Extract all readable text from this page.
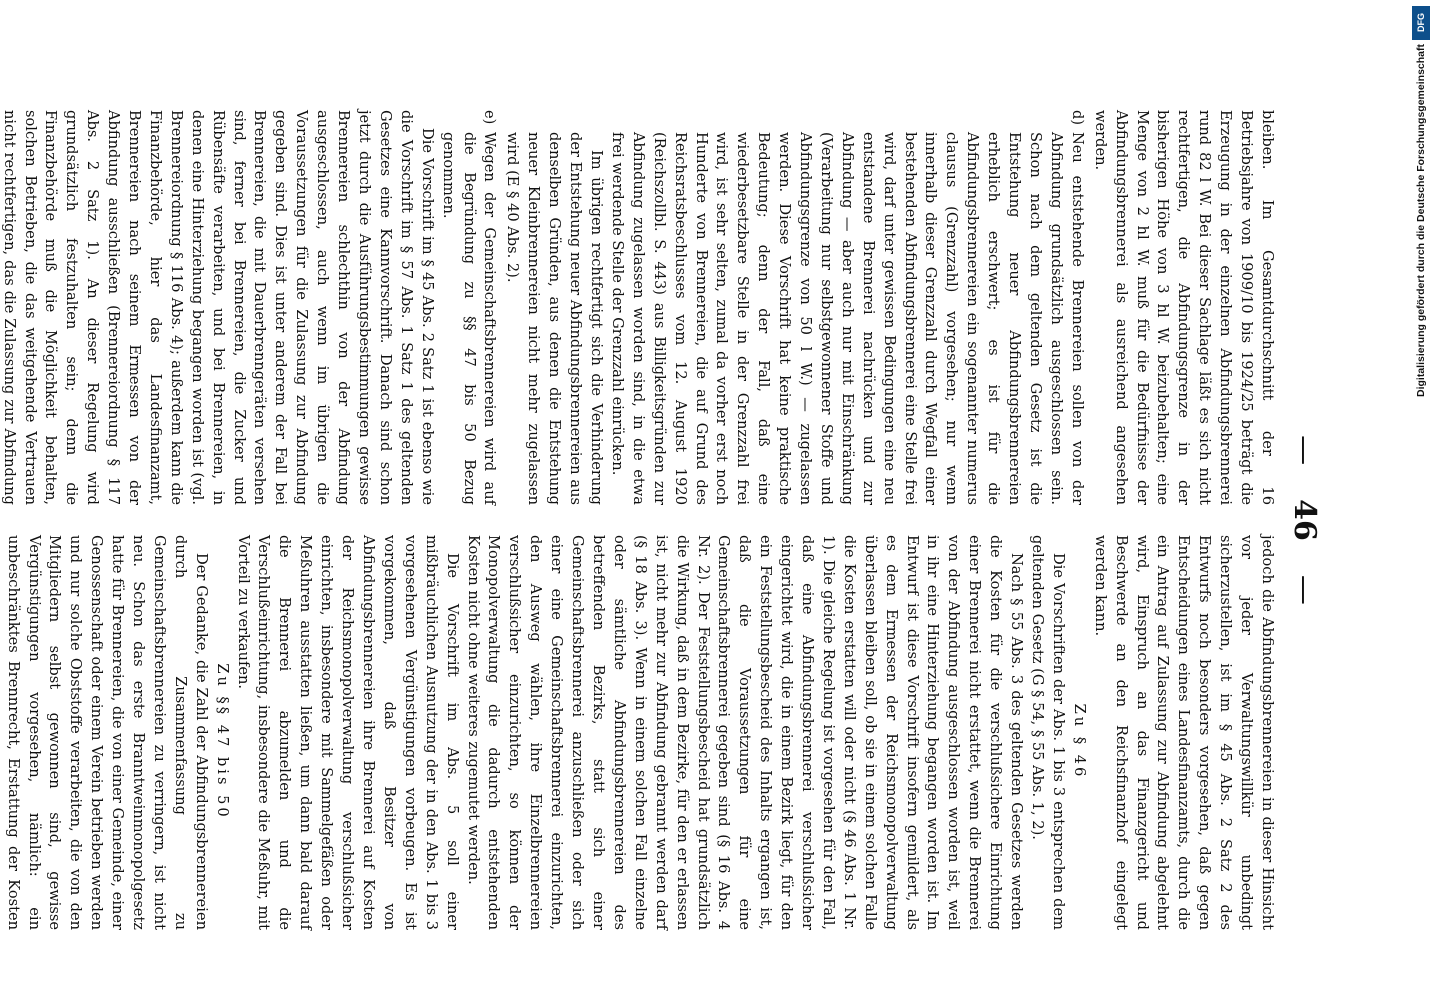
—
46
—

bleiben. Im Gesamtdurchschnitt der 16 Betriebsjahre von 1909/10 bis 1924/25 beträgt die Erzeugung in der einzelnen Abfindungsbrennerei rund 82 l W. Bei dieser Sachlage läßt es sich nicht rechtfertigen, die Abfindungsgrenze in der bisherigen Höhe von 3 hl W. beizubehalten; eine Menge von 2 hl W. muß für die Bedürfnisse der Abfindungsbrennerei als ausreichend angesehen werden.

d)

Neu entstehende Brennereien sollen von der Abfindung grundsätzlich ausgeschlossen sein. Schon nach dem geltenden Gesetz ist die Entstehung neuer Abfindungsbrennereien erheblich erschwert; es ist für die Abfindungsbrennereien ein sogenannter numerus clausus (Grenzzahl) vorgesehen; nur wenn innerhalb dieser Grenzzahl durch Wegfall einer bestehenden Abfindungsbrennerei eine Stelle frei wird, darf unter gewissen Bedingungen eine neu entstandene Brennerei nachrücken und zur Abfindung — aber auch nur mit Einschränkung (Verarbeitung nur selbstgewonnener Stoffe und Abfindungsgrenze von 50 l W.) — zugelassen werden. Diese Vorschrift hat keine praktische Bedeutung; denn der Fall, daß eine wiederbesetzbare Stelle in der Grenzzahl frei wird, ist sehr selten, zumal da vorher erst noch Hunderte von Brennereien, die auf Grund des Reichsratsbeschlusses vom 12. August 1920 (Reichszollbl. S. 443) aus Billigkeitsgründen zur Abfindung zugelassen worden sind, in die etwa frei werdende Stelle der Grenzzahl einrücken.

Im übrigen rechtfertigt sich die Verhinderung der Entstehung neuer Abfindungsbrennereien aus denselben Gründen, aus denen die Entstehung neuer Kleinbrennereien nicht mehr zugelassen wird (E § 40 Abs. 2).

e)

Wegen der Gemeinschaftsbrennereien wird auf die Begründung zu §§ 47 bis 50 Bezug genommen.

Die Vorschrift im § 45 Abs. 2 Satz 1 ist ebenso wie die Vorschrift im § 57 Abs. 1 Satz 1 des geltenden Gesetzes eine Kannvorschrift. Danach sind schon jetzt durch die Ausführungsbestimmungen gewisse Brennereien schlechthin von der Abfindung ausgeschlossen, auch wenn im übrigen die Voraussetzungen für die Zulassung zur Abfindung gegeben sind. Dies ist unter anderem der Fall bei Brennereien, die mit Dauerbrenngeräten versehen sind, ferner bei Brennereien, die Zucker und Rübensäfte verarbeiten, und bei Brennereien, in denen eine Hinterziehung begangen worden ist (vgl. Brennereiordnung § 116 Abs. 4); außerdem kann die Finanzbehörde, hier das Landesfinanzamt, Brennereien nach seinem Ermessen von der Abfindung ausschließen (Brennereiordnung § 117 Abs. 2 Satz 1). An dieser Regelung wird grundsätzlich festzuhalten sein; denn die Finanzbehörde muß die Möglichkeit behalten, solchen Betrieben, die das weitgehende Vertrauen nicht rechtfertigen, das die Zulassung zur Abfindung

jedoch die Abfindungsbrennereien in dieser Hinsicht vor jeder Verwaltungswillkür unbedingt sicherzustellen, ist im § 45 Abs. 2 Satz 2 des Entwurfs noch besonders vorgesehen, daß gegen Entscheidungen eines Landesfinanzamts, durch die ein Antrag auf Zulassung zur Abfindung abgelehnt wird, Einspruch an das Finanzgericht und Beschwerde an den Reichsfinanzhof eingelegt werden kann.

Zu § 46

Die Vorschriften der Abs. 1 bis 3 entsprechen dem geltenden Gesetz (G § 54, § 55 Abs. 1, 2).

Nach § 55 Abs. 3 des geltenden Gesetzes werden die Kosten für die verschlußsichere Einrichtung einer Brennerei nicht erstattet, wenn die Brennerei von der Abfindung ausgeschlossen worden ist, weil in ihr eine Hinterziehung begangen worden ist. Im Entwurf ist diese Vorschrift insofern gemildert, als es dem Ermessen der Reichsmonopolverwaltung überlassen bleiben soll, ob sie in einem solchen Falle die Kosten erstatten will oder nicht (§ 46 Abs. 1 Nr. 1). Die gleiche Regelung ist vorgesehen für den Fall, daß eine Abfindungsbrennerei verschlußsicher eingerichtet wird, die in einem Bezirk liegt, für den ein Feststellungsbescheid des Inhalts ergangen ist, daß die Voraussetzungen für eine Gemeinschaftsbrennerei gegeben sind (§ 16 Abs. 4 Nr. 2). Der Feststellungsbescheid hat grundsätzlich die Wirkung, daß in dem Bezirke, für den er erlassen ist, nicht mehr zur Abfindung gebrannt werden darf (§ 18 Abs. 3). Wenn in einem solchen Fall einzelne oder sämtliche Abfindungsbrennereien des betreffenden Bezirks, statt sich einer Gemeinschaftsbrennerei anzuschließen oder sich einer eine Gemeinschaftsbrennerei einzurichten, den Ausweg wählen, ihre Einzelbrennereien verschlußsicher einzurichten, so können der Monopolverwaltung die dadurch entstehenden Kosten nicht ohne weiteres zugemutet werden.

Die Vorschrift im Abs. 5 soll einer mißbräuchlichen Ausnutzung der in den Abs. 1 bis 3 vorgesehenen Vergünstigungen vorbeugen. Es ist vorgekommen, daß Besitzer von Abfindungsbrennereien ihre Brennerei auf Kosten der Reichsmonopolverwaltung verschlußsicher einrichten, insbesondere mit Sammelgefäßen oder Meßuhren ausstatten ließen, um dann bald darauf die Brennerei abzumelden und die Verschlußeinrichtung, insbesondere die Meßuhr, mit Vorteil zu verkaufen.

Zu §§ 47 bis 50

Der Gedanke, die Zahl der Abfindungsbrennereien durch Zusammenfassung zu Gemeinschaftsbrennereien zu verringern, ist nicht neu. Schon das erste Branntweinmonopolgesetz hatte für Brennereien, die von einer Gemeinde, einer Genossenschaft oder einem Verein betrieben werden und nur solche Obststoffe verarbeiten, die von den Mitgliedern selbst gewonnen sind, gewisse Vergünstigungen vorgesehen, nämlich: ein unbeschränktes Brennrecht, Erstattung der Kosten

DFG
Digitalisierung gefördert durch die Deutsche Forschungsgemeinschaft
